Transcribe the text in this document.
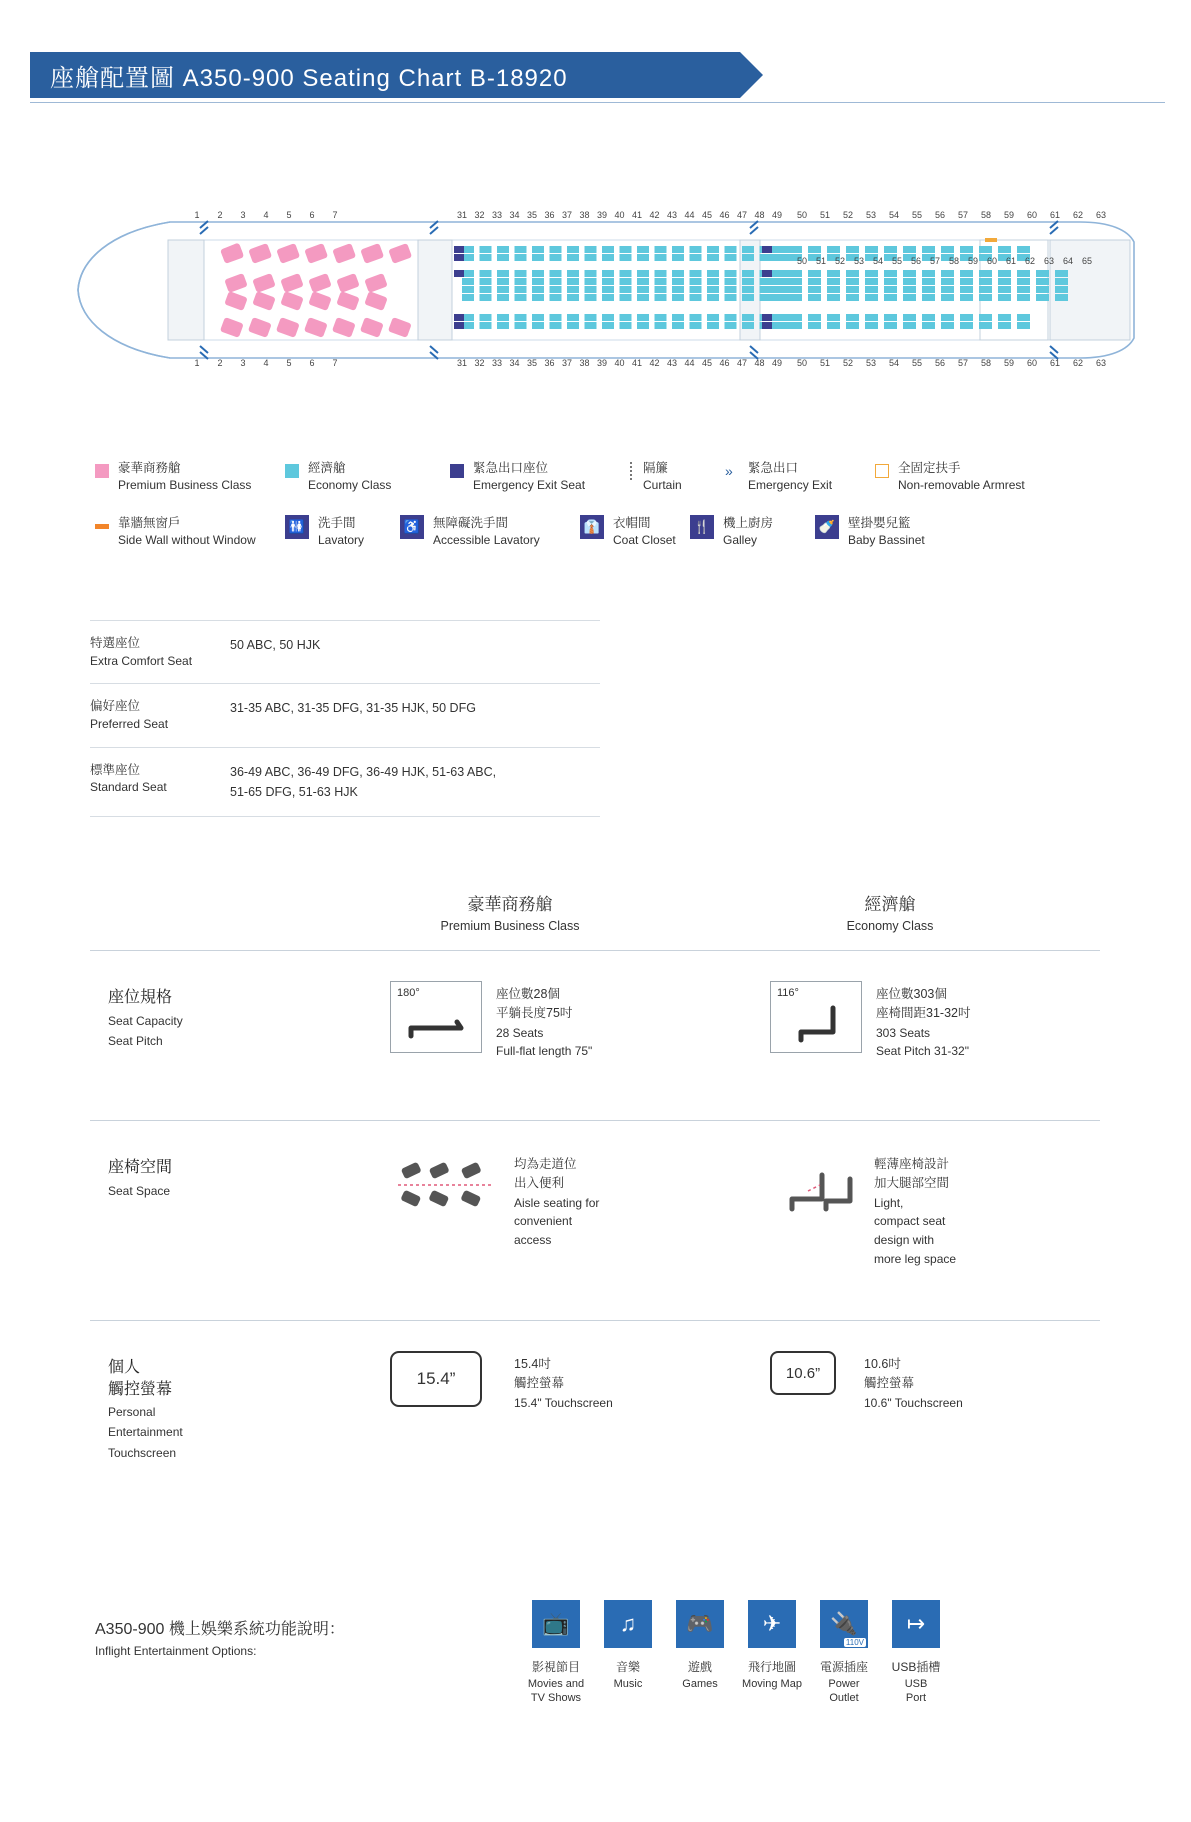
座艙配置圖 A350-900 Seating Chart B-18920
1	2	3	4	5	6	7
1	2	3	4	5	6	7
31 32 33 34 35 36 37 38 39 40 41 42 43 44 45 46 47 48 49
31 32 33 34 35 36 37 38 39 40 41 42 43 44 45 46 47 48 49
50 51 52 53 54 55 56 57 58 59 60 61 62 63
50 51 52 53 54 55 56 57 58 59 60 61 62 63 64 65
50 51 52 53 54 55 56 57 58 59 60 61 62 63
豪華商務艙
Premium Business Class
經濟艙
Economy Class
緊急出口座位
Emergency Exit Seat
隔簾
Curtain
»	緊急出口
Emergency Exit
全固定扶手
Non-removable Armrest
靠牆無窗戶
Side Wall without Window
🚻	洗手間
Lavatory
♿	無障礙洗手間
Accessible Lavatory
👔	衣帽間
Coat Closet
🍴	機上廚房
Galley
🍼	壁掛嬰兒籃
Baby Bassinet
特選座位
Extra Comfort Seat
50 ABC, 50 HJK
偏好座位
Preferred Seat
31-35 ABC, 31-35 DFG, 31-35 HJK, 50 DFG
標準座位
Standard Seat
36-49 ABC, 36-49 DFG, 36-49 HJK, 51-63 ABC,
51-65 DFG, 51-63 HJK
豪華商務艙
Premium Business Class
經濟艙
Economy Class
座位規格
Seat Capacity
Seat Pitch
180°	座位數28個
平躺長度75吋
28 Seats
Full-flat length 75"
116°	座位數303個
座椅間距31-32吋
303 Seats
Seat Pitch 31-32"
座椅空間
Seat Space
均為走道位
出入便利
Aisle seating for
convenient
access
輕薄座椅設計
加大腿部空間
Light,
compact seat
design with
more leg space
個人
觸控螢幕
Personal
Entertainment
Touchscreen
15.4”
15.4吋
觸控螢幕
15.4" Touchscreen
10.6”
10.6吋
觸控螢幕
10.6" Touchscreen
A350-900 機上娛樂系統功能說明：
Inflight Entertainment Options:
📺
影視節目
Movies and
TV Shows
♫
音樂
Music
🎮
遊戲
Games
✈
飛行地圖
Moving Map
🔌
110V
電源插座
Power
Outlet
↦
USB插槽
USB
Port
